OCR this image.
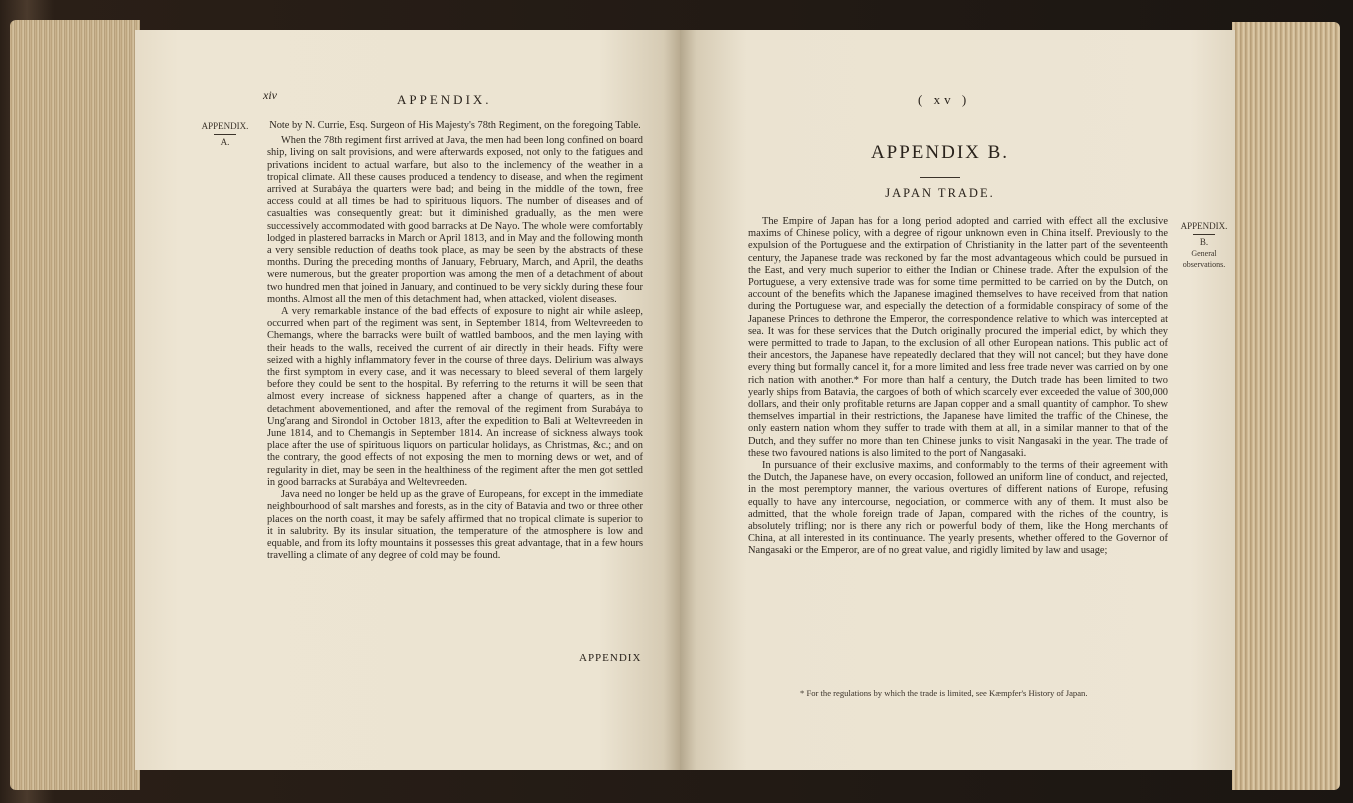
xiv	APPENDIX.
APPENDIX.
A.
Note by N. Currie, Esq. Surgeon of His Majesty's 78th Regiment, on the foregoing Table.

When the 78th regiment first arrived at Java, the men had been long confined on board ship, living on salt provisions, and were afterwards exposed, not only to the fatigues and privations incident to actual warfare, but also to the inclemency of the weather in a tropical climate. All these causes produced a tendency to disease, and when the regiment arrived at Surabáya the quarters were bad; and being in the middle of the town, free access could at all times be had to spirituous liquors. The number of diseases and of casualties was consequently great: but it diminished gradually, as the men were successively accommodated with good barracks at De Nayo. The whole were comfortably lodged in plastered barracks in March or April 1813, and in May and the following month a very sensible reduction of deaths took place, as may be seen by the abstracts of these months. During the preceding months of January, February, March, and April, the deaths were numerous, but the greater proportion was among the men of a detachment of about two hundred men that joined in January, and continued to be very sickly during these four months. Almost all the men of this detachment had, when attacked, violent diseases.

A very remarkable instance of the bad effects of exposure to night air while asleep, occurred when part of the regiment was sent, in September 1814, from Weltevreeden to Chemangs, where the barracks were built of wattled bamboos, and the men laying with their heads to the walls, received the current of air directly in their heads. Fifty were seized with a highly inflammatory fever in the course of three days. Delirium was always the first symptom in every case, and it was necessary to bleed several of them largely before they could be sent to the hospital. By referring to the returns it will be seen that almost every increase of sickness happened after a change of quarters, as in the detachment abovementioned, and after the removal of the regiment from Surabáya to Ung'arang and Sirondol in October 1813, after the expedition to Bali at Weltevreeden in June 1814, and to Chemangis in September 1814. An increase of sickness always took place after the use of spirituous liquors on particular holidays, as Christmas, &c.; and on the contrary, the good effects of not exposing the men to morning dews or wet, and of regularity in diet, may be seen in the healthiness of the regiment after the men got settled in good barracks at Surabáya and Weltevreeden.

Java need no longer be held up as the grave of Europeans, for except in the immediate neighbourhood of salt marshes and forests, as in the city of Batavia and two or three other places on the north coast, it may be safely affirmed that no tropical climate is superior to it in salubrity. By its insular situation, the temperature of the atmosphere is low and equable, and from its lofty mountains it possesses this great advantage, that in a few hours travelling a climate of any degree of cold may be found.

APPENDIX
( xv )
APPENDIX B.
JAPAN TRADE.
APPENDIX.
B.
General observations.

The Empire of Japan has for a long period adopted and carried with effect all the exclusive maxims of Chinese policy, with a degree of rigour unknown even in China itself. Previously to the expulsion of the Portuguese and the extirpation of Christianity in the latter part of the seventeenth century, the Japanese trade was reckoned by far the most advantageous which could be pursued in the East, and very much superior to either the Indian or Chinese trade. After the expulsion of the Portuguese, a very extensive trade was for some time permitted to be carried on by the Dutch, on account of the benefits which the Japanese imagined themselves to have received from that nation during the Portuguese war, and especially the detection of a formidable conspiracy of some of the Japanese Princes to dethrone the Emperor, the correspondence relative to which was intercepted at sea. It was for these services that the Dutch originally procured the imperial edict, by which they were permitted to trade to Japan, to the exclusion of all other European nations. This public act of their ancestors, the Japanese have repeatedly declared that they will not cancel; but they have done every thing but formally cancel it, for a more limited and less free trade never was carried on by one rich nation with another.* For more than half a century, the Dutch trade has been limited to two yearly ships from Batavia, the cargoes of both of which scarcely ever exceeded the value of 300,000 dollars, and their only profitable returns are Japan copper and a small quantity of camphor. To shew themselves impartial in their restrictions, the Japanese have limited the traffic of the Chinese, the only eastern nation whom they suffer to trade with them at all, in a similar manner to that of the Dutch, and they suffer no more than ten Chinese junks to visit Nangasaki in the year. The trade of these two favoured nations is also limited to the port of Nangasaki.

In pursuance of their exclusive maxims, and conformably to the terms of their agreement with the Dutch, the Japanese have, on every occasion, followed an uniform line of conduct, and rejected, in the most peremptory manner, the various overtures of different nations of Europe, refusing equally to have any intercourse, negociation, or commerce with any of them. It must also be admitted, that the whole foreign trade of Japan, compared with the riches of the country, is absolutely trifling; nor is there any rich or powerful body of them, like the Hong merchants of China, at all interested in its continuance. The yearly presents, whether offered to the Governor of Nangasaki or the Emperor, are of no great value, and rigidly limited by law and usage;

* For the regulations by which the trade is limited, see Kæmpfer's History of Japan.
